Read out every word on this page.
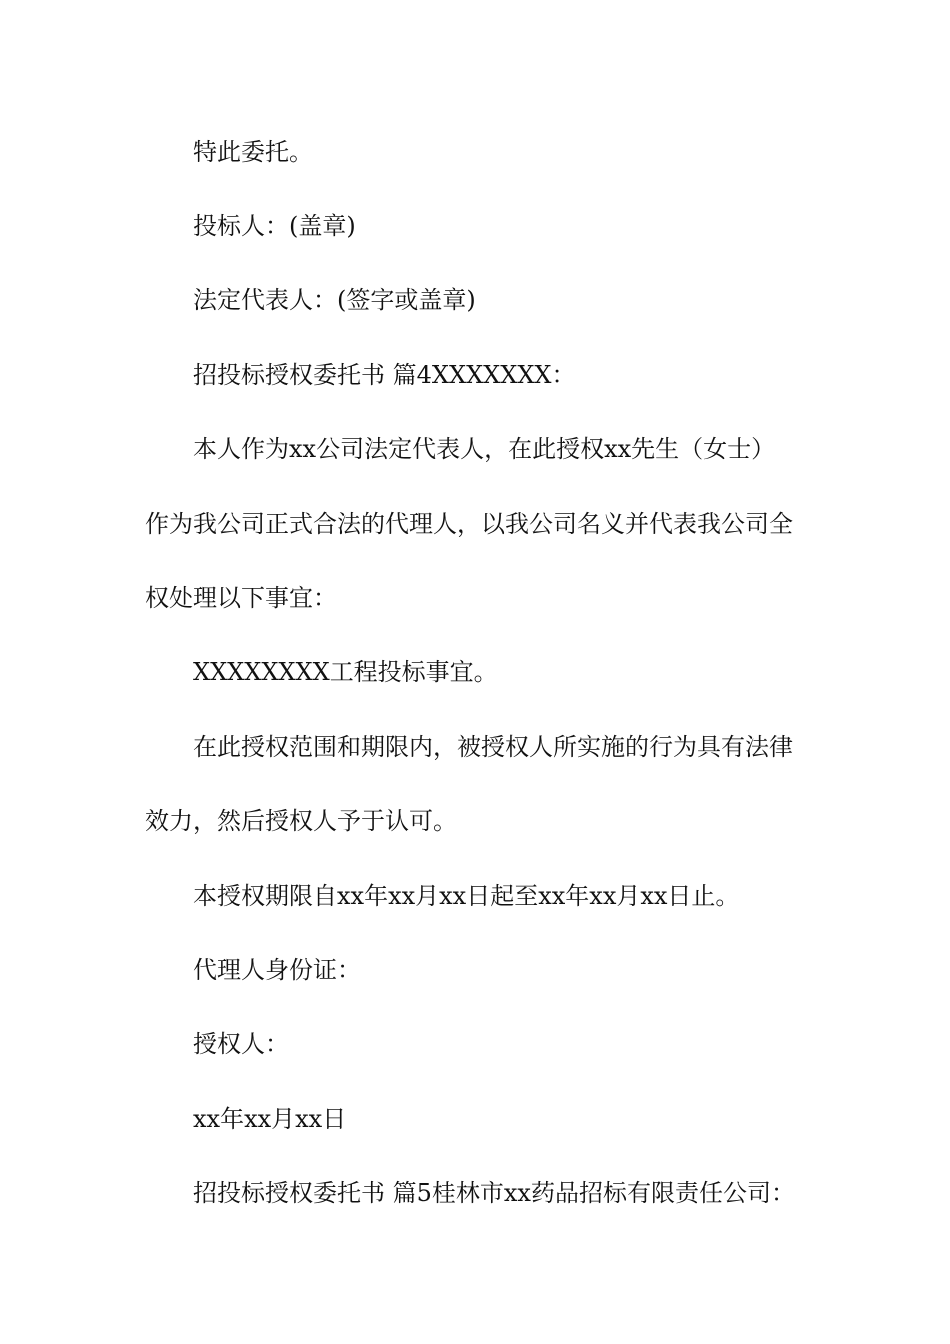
特此委托。
投标人：(盖章)
法定代表人：(签字或盖章)
招投标授权委托书 篇4XXXXXXX：
本人作为xx公司法定代表人，在此授权xx先生（女士）
作为我公司正式合法的代理人，以我公司名义并代表我公司全
权处理以下事宜：
XXXXXXXX工程投标事宜。
在此授权范围和期限内，被授权人所实施的行为具有法律
效力，然后授权人予于认可。
本授权期限自xx年xx月xx日起至xx年xx月xx日止。
代理人身份证：
授权人：
xx年xx月xx日
招投标授权委托书 篇5桂林市xx药品招标有限责任公司：
